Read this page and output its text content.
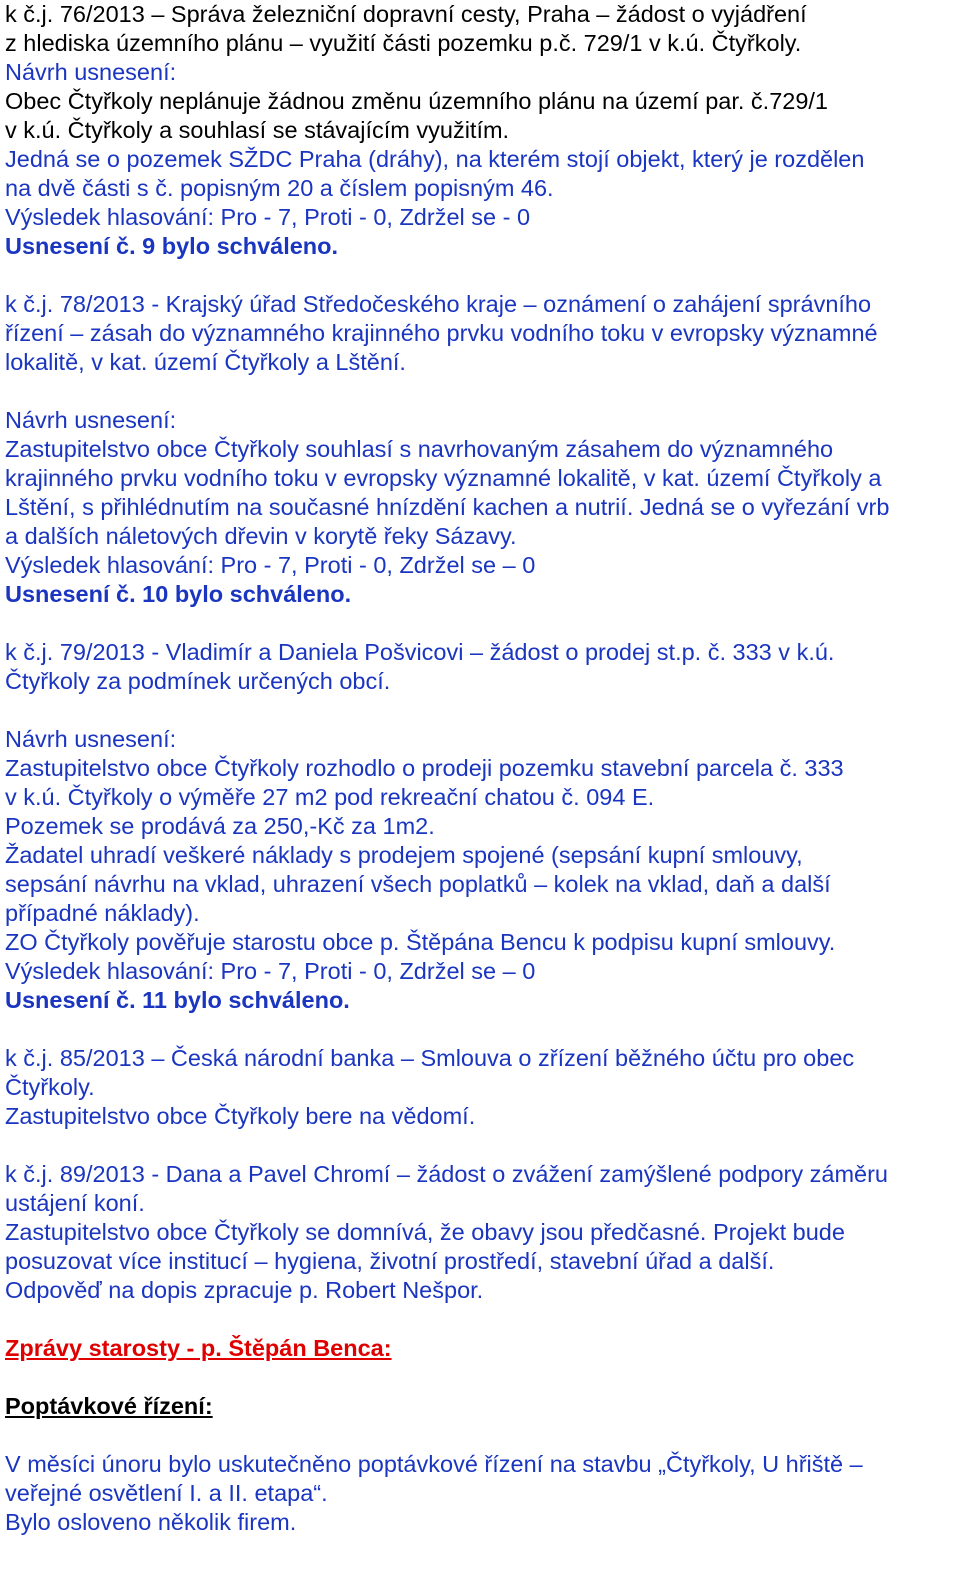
k č.j. 76/2013 – Správa železniční dopravní cesty, Praha – žádost o vyjádření
z hlediska územního plánu – využití části pozemku p.č. 729/1 v k.ú. Čtyřkoly.
Návrh usnesení:
Obec Čtyřkoly neplánuje žádnou změnu územního plánu na území par. č.729/1
v k.ú. Čtyřkoly a souhlasí se stávajícím využitím.
Jedná se o pozemek SŽDC Praha (dráhy), na kterém stojí objekt, který je rozdělen
na dvě části s č. popisným 20 a číslem popisným 46.
Výsledek hlasování: Pro - 7, Proti - 0, Zdržel se - 0
Usnesení č. 9 bylo schváleno.
k č.j. 78/2013 - Krajský úřad Středočeského kraje – oznámení o zahájení správního
řízení – zásah do významného krajinného prvku vodního toku v evropsky významné
lokalitě, v kat. území Čtyřkoly a Lštění.
Návrh usnesení:
Zastupitelstvo obce Čtyřkoly souhlasí s navrhovaným zásahem do významného
krajinného prvku vodního toku v evropsky významné lokalitě, v kat. území Čtyřkoly a
Lštění, s přihlédnutím na současné hnízdění kachen a nutrií. Jedná se o vyřezání vrb
a dalších náletových dřevin v korytě řeky Sázavy.
Výsledek hlasování: Pro - 7, Proti - 0, Zdržel se – 0
Usnesení č. 10 bylo schváleno.
k č.j. 79/2013 - Vladimír a Daniela Pošvicovi – žádost o prodej st.p. č. 333 v k.ú.
Čtyřkoly za podmínek určených obcí.
Návrh usnesení:
Zastupitelstvo obce Čtyřkoly rozhodlo o prodeji pozemku stavební parcela č. 333
v k.ú. Čtyřkoly o výměře 27 m2 pod rekreační chatou č. 094 E.
Pozemek se prodává za 250,-Kč za 1m2.
Žadatel uhradí veškeré náklady s prodejem spojené (sepsání kupní smlouvy,
sepsání návrhu na vklad, uhrazení všech poplatků – kolek na vklad, daň a další
případné náklady).
ZO Čtyřkoly pověřuje starostu obce p. Štěpána Bencu k podpisu kupní smlouvy.
Výsledek hlasování: Pro - 7, Proti - 0, Zdržel se – 0
Usnesení č. 11 bylo schváleno.
k č.j. 85/2013 – Česká národní banka – Smlouva o zřízení běžného účtu pro obec
Čtyřkoly.
Zastupitelstvo obce Čtyřkoly bere na vědomí.
k č.j. 89/2013 - Dana a Pavel Chromí – žádost o zvážení zamýšlené podpory záměru
ustájení koní.
Zastupitelstvo obce Čtyřkoly se domnívá, že obavy jsou předčasné. Projekt bude
posuzovat více institucí – hygiena, životní prostředí, stavební úřad a další.
Odpověď na dopis zpracuje p. Robert Nešpor.
Zprávy starosty - p. Štěpán Benca:
Poptávkové řízení:
V měsíci únoru bylo uskutečněno poptávkové řízení na stavbu „Čtyřkoly, U hřiště –
veřejné osvětlení I. a II. etapa“.
Bylo osloveno několik firem.
